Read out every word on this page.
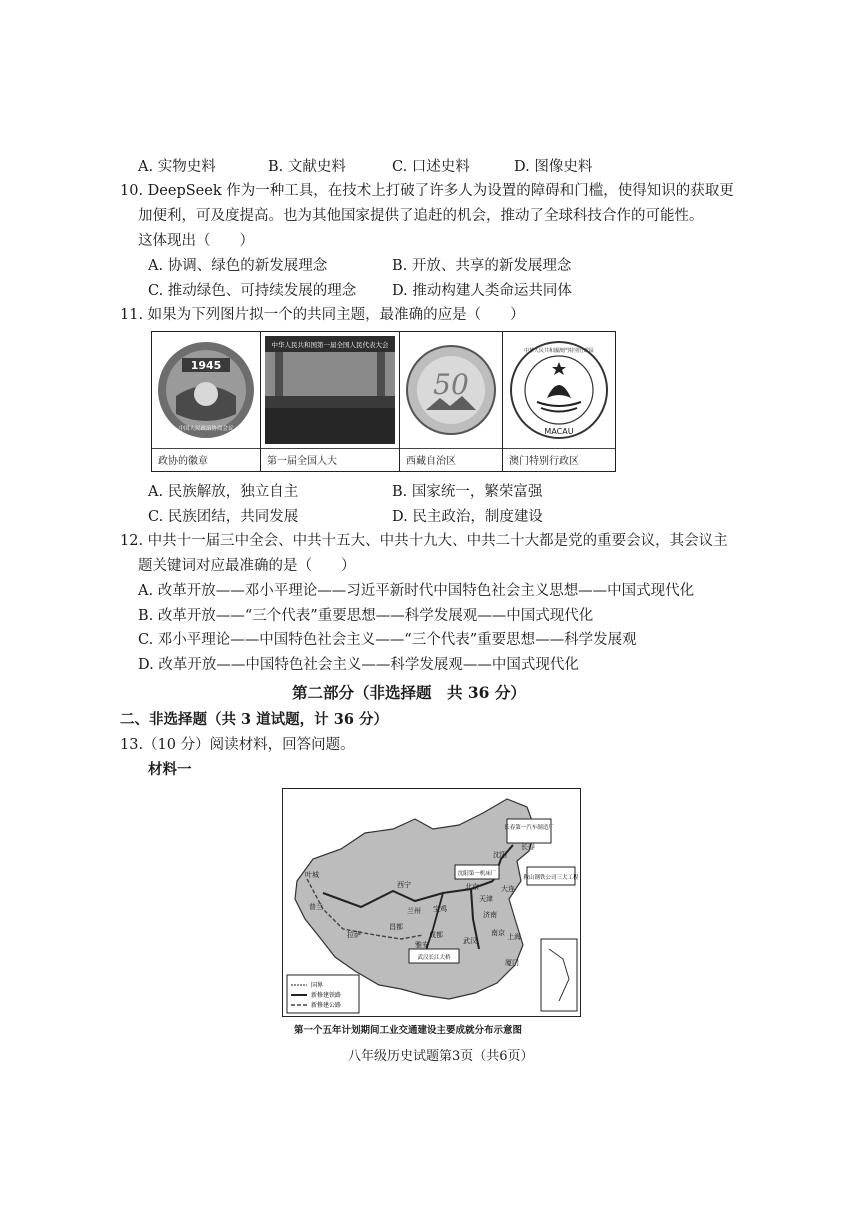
A. 实物史料	B. 文献史料	C. 口述史料	D. 图像史料
10. DeepSeek 作为一种工具，在技术上打破了许多人为设置的障碍和门槛，使得知识的获取更
加便利，可及度提高。也为其他国家提供了追赶的机会，推动了全球科技合作的可能性。
这体现出（　　）
A. 协调、绿色的新发展理念	B. 开放、共享的新发展理念
C. 推动绿色、可持续发展的理念 D. 推动构建人类命运共同体
11. 如果为下列图片拟一个的共同主题，最准确的应是（　　）
1945
中国人民政治协商会议
政协的徽章
中华人民共和国第一届全国人民代表大会
第一届全国人大
50
西藏自治区
中華人民共和國澳門特別行政區
MACAU
澳门特别行政区
A. 民族解放，独立自主	B. 国家统一，繁荣富强
C. 民族团结，共同发展	D. 民主政治，制度建设
12. 中共十一届三中全会、中共十五大、中共十九大、中共二十大都是党的重要会议，其会议主
题关键词对应最准确的是（　　）
A. 改革开放——邓小平理论——习近平新时代中国特色社会主义思想——中国式现代化
B. 改革开放——“三个代表”重要思想——科学发展观——中国式现代化
C. 邓小平理论——中国特色社会主义——“三个代表”重要思想——科学发展观
D. 改革开放——中国特色社会主义——科学发展观——中国式现代化
第二部分（非选择题　共 36 分）
二、非选择题（共 3 道试题，计 36 分）
13.（10 分）阅读材料，回答问题。
材料一
长春第一汽车制造厂
沈阳第一机床厂
鞍山钢铁公司三大工程
武汉长江大桥
长春
沈阳
北京	大连
西宁
宝鸡
兰州
天津
济南
南京 上海
成都
武汉
雅安
拉萨
叶城
昌都
厦门
普兰
国界
新修建铁路
新修建公路
第一个五年计划期间工业交通建设主要成就分布示意图
八年级历史试题第3页（共6页）
